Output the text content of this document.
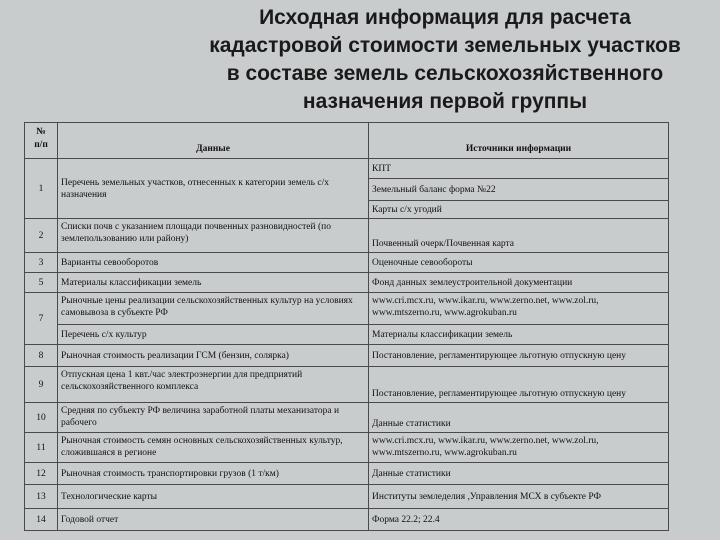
Исходная информация для расчета
кадастровой стоимости земельных участков
в составе земель сельскохозяйственного
назначения первой группы
№
п/п	Данные	Источники информации
1	Перечень земельных участков, отнесенных к категории земель с/х назначения	КПТ
		Земельный баланс форма №22
		Карты с/х угодий
2	Списки почв с указанием площади почвенных разновидностей (по землепользованию или району)	Почвенный очерк/Почвенная карта
3	Варианты севооборотов	Оценочные севообороты
5	Материалы классификации земель	Фонд данных землеустроительной документации
7	Рыночные цены реализации сельскохозяйственных культур на условиях самовывоза в субъекте РФ	www.cri.mcx.ru, www.ikar.ru, www.zerno.net, www.zol.ru, www.mtszerno.ru, www.agrokuban.ru
	Перечень с/х культур	Материалы классификации земель
8	Рыночная стоимость реализации ГСМ (бензин, солярка)	Постановление, регламентирующее льготную отпускную цену
9	Отпускная цена 1 квт./час электроэнергии для предприятий сельскохозяйственного комплекса	Постановление, регламентирующее льготную отпускную цену
10	Средняя по субъекту РФ величина заработной платы механизатора и рабочего	Данные статистики
11	Рыночная стоимость семян основных сельскохозяйственных культур, сложившаяся в регионе	www.cri.mcx.ru, www.ikar.ru, www.zerno.net, www.zol.ru, www.mtszerno.ru, www.agrokuban.ru
12	Рыночная стоимость транспортировки грузов (1 т/км)	Данные статистики
13	Технологические карты	Институты земледелия ,Управления МСХ в субъекте РФ
14	Годовой отчет	Форма 22.2; 22.4
